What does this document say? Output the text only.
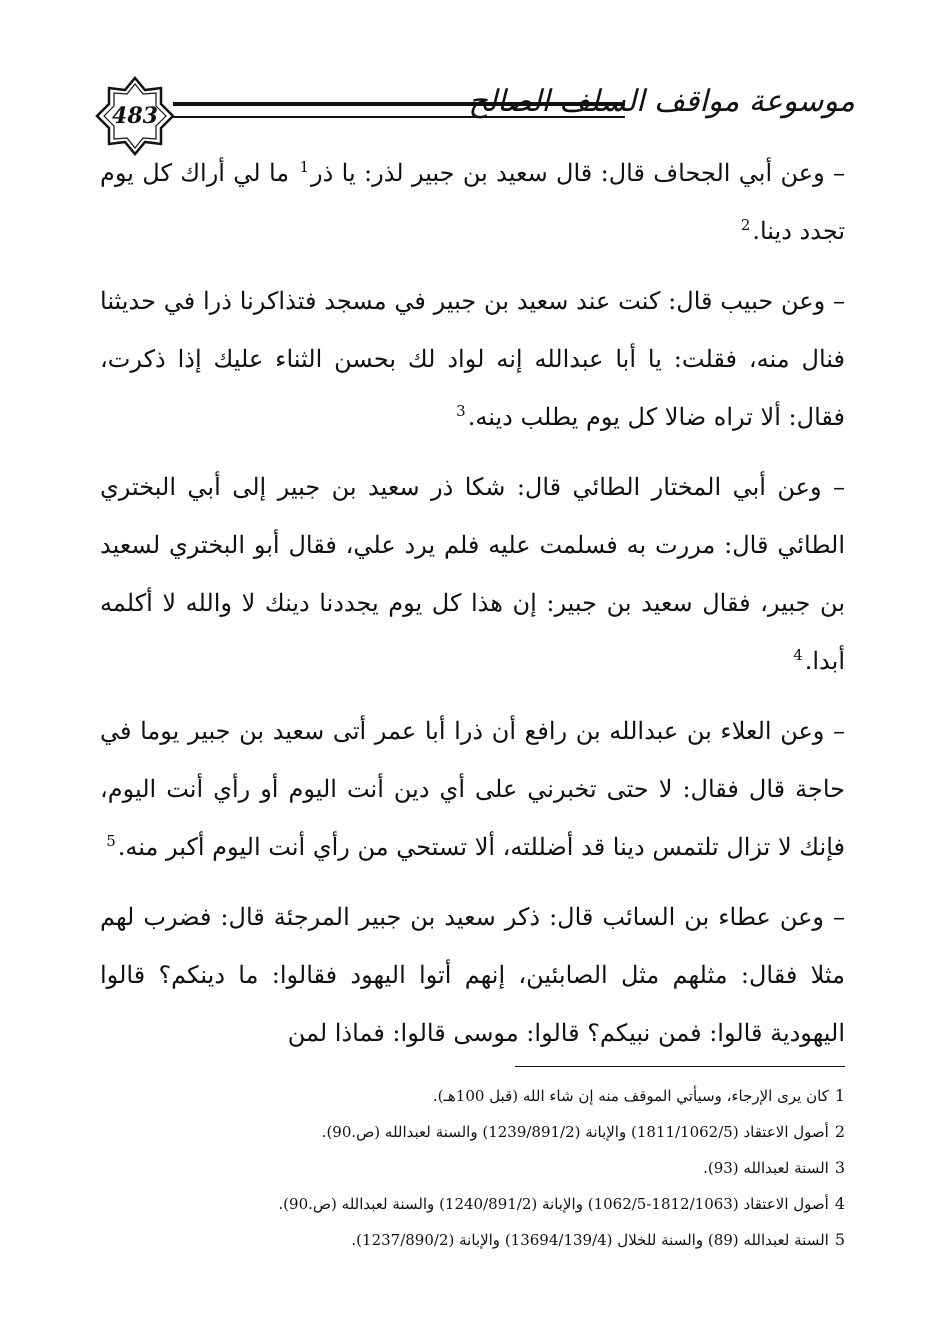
483	موسوعة مواقف السلف الصالح

– وعن أبي الجحاف قال: قال سعيد بن جبير لذر: يا ذر$^1$ ما لي أراك كل يوم تجدد دينا.$^2$

– وعن حبيب قال: كنت عند سعيد بن جبير في مسجد فتذاكرنا ذرا في حديثنا فنال منه، فقلت: يا أبا عبدالله إنه لواد لك بحسن الثناء عليك إذا ذكرت، فقال: ألا تراه ضالا كل يوم يطلب دينه.$^3$

– وعن أبي المختار الطائي قال: شكا ذر سعيد بن جبير إلى أبي البختري الطائي قال: مررت به فسلمت عليه فلم يرد علي، فقال أبو البختري لسعيد بن جبير، فقال سعيد بن جبير: إن هذا كل يوم يجددنا دينك لا والله لا أكلمه أبدا.$^4$

– وعن العلاء بن عبدالله بن رافع أن ذرا أبا عمر أتى سعيد بن جبير يوما في حاجة قال فقال: لا حتى تخبرني على أي دين أنت اليوم أو رأي أنت اليوم، فإنك لا تزال تلتمس دينا قد أضللته، ألا تستحي من رأي أنت اليوم أكبر منه.$^5$

– وعن عطاء بن السائب قال: ذكر سعيد بن جبير المرجئة قال: فضرب لهم مثلا فقال: مثلهم مثل الصابئين، إنهم أتوا اليهود فقالوا: ما دينكم؟ قالوا اليهودية قالوا: فمن نبيكم؟ قالوا: موسى قالوا: فماذا لمن

1كان يرى الإرجاء، وسيأتي الموقف منه إن شاء الله (قبل 100هـ).
2أصول الاعتقاد (1811/1062/5) والإبانة (1239/891/2) والسنة لعبدالله (ص.90).
3السنة لعبدالله (93).
4أصول الاعتقاد (1812/1063-1062/5) والإبانة (1240/891/2) والسنة لعبدالله (ص.90).
5السنة لعبدالله (89) والسنة للخلال (13694/139/4) والإبانة (1237/890/2).
